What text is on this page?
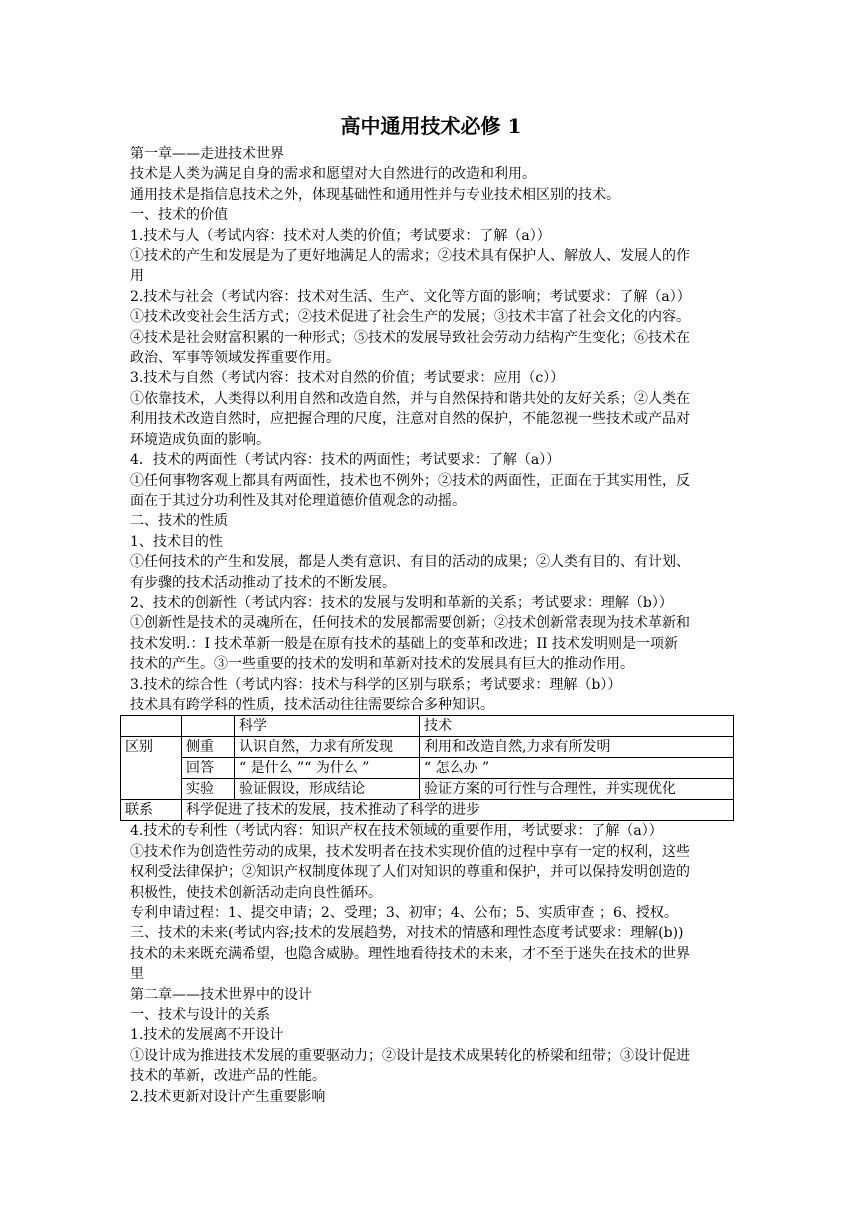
高中通用技术必修 1
第一章——走进技术世界
技术是人类为满足自身的需求和愿望对大自然进行的改造和利用。
通用技术是指信息技术之外，体现基础性和通用性并与专业技术相区别的技术。
一、技术的价值
1.技术与人（考试内容：技术对人类的价值；考试要求：了解（a））
①技术的产生和发展是为了更好地满足人的需求；②技术具有保护人、解放人、发展人的作
用
2.技术与社会（考试内容：技术对生活、生产、文化等方面的影响；考试要求：了解（a））
①技术改变社会生活方式；②技术促进了社会生产的发展；③技术丰富了社会文化的内容。
④技术是社会财富积累的一种形式；⑤技术的发展导致社会劳动力结构产生变化；⑥技术在
政治、军事等领域发挥重要作用。
3.技术与自然（考试内容：技术对自然的价值；考试要求：应用（c））
①依靠技术，人类得以利用自然和改造自然，并与自然保持和谐共处的友好关系；②人类在
利用技术改造自然时，应把握合理的尺度，注意对自然的保护，不能忽视一些技术或产品对
环境造成负面的影响。
4．技术的两面性（考试内容：技术的两面性；考试要求：了解（a））
①任何事物客观上都具有两面性，技术也不例外；②技术的两面性，正面在于其实用性，反
面在于其过分功利性及其对伦理道德价值观念的动摇。
二、技术的性质
1、技术目的性
①任何技术的产生和发展，都是人类有意识、有目的活动的成果；②人类有目的、有计划、
有步骤的技术活动推动了技术的不断发展。
2、技术的创新性（考试内容：技术的发展与发明和革新的关系；考试要求：理解（b））
①创新性是技术的灵魂所在，任何技术的发展都需要创新；②技术创新常表现为技术革新和
技术发明.：I 技术革新一般是在原有技术的基础上的变革和改进；II 技术发明则是一项新
技术的产生。③一些重要的技术的发明和革新对技术的发展具有巨大的推动作用。
3.技术的综合性（考试内容：技术与科学的区别与联系；考试要求：理解（b））
技术具有跨学科的性质，技术活动往往需要综合多种知识。
		科学	技术
区别	侧重	认识自然，力求有所发现	利用和改造自然,力求有所发明
	回答	“ 是什么 ”“ 为什么 ”	“ 怎么办 ”
	实验	验证假设，形成结论	验证方案的可行性与合理性，并实现优化
联系	科学促进了技术的发展，技术推动了科学的进步		
4.技术的专利性（考试内容：知识产权在技术领域的重要作用，考试要求：了解（a））
①技术作为创造性劳动的成果，技术发明者在技术实现价值的过程中享有一定的权利，这些
权利受法律保护；②知识产权制度体现了人们对知识的尊重和保护，并可以保持发明创造的
积极性，使技术创新活动走向良性循环。
专利申请过程：1、提交申请；2、受理；3、初审；4、公布；5、实质审查 ；6、授权。
三、技术的未来(考试内容;技术的发展趋势，对技术的情感和理性态度考试要求：理解(b))
技术的未来既充满希望，也隐含威胁。理性地看待技术的未来，才不至于迷失在技术的世界
里
第二章——技术世界中的设计
一、技术与设计的关系
1.技术的发展离不开设计
①设计成为推进技术发展的重要驱动力；②设计是技术成果转化的桥梁和纽带；③设计促进
技术的革新，改进产品的性能。
2.技术更新对设计产生重要影响
